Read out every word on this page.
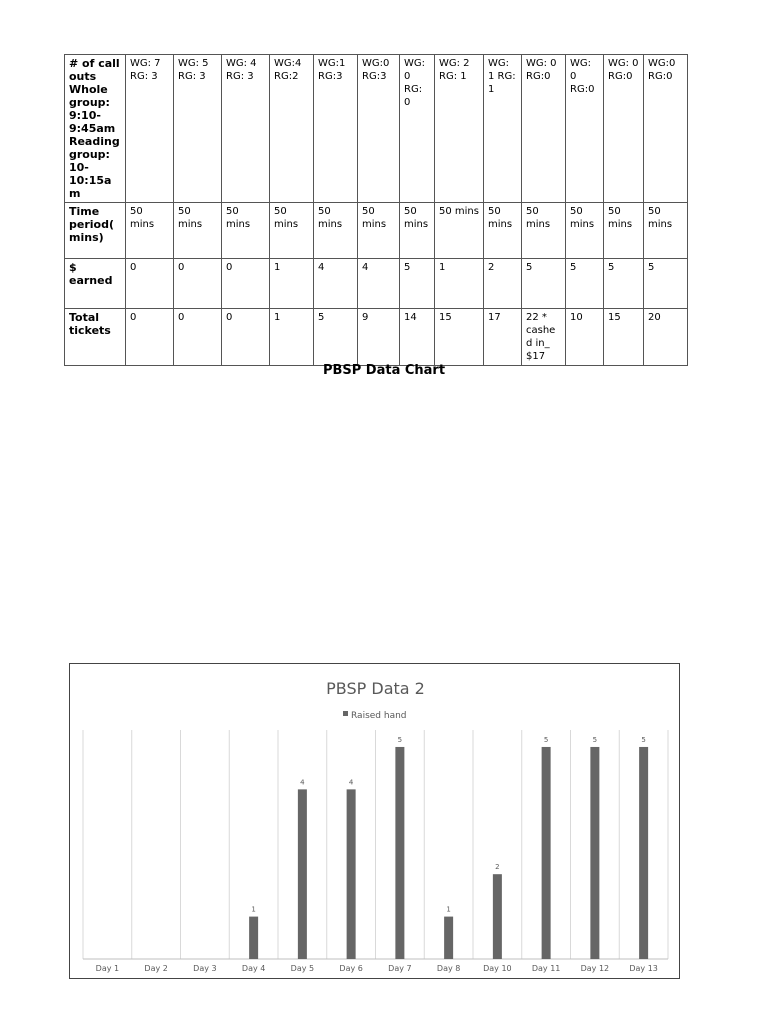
# of call outs Whole group: 9:10-9:45am Reading group: 10-10:15am	WG: 7 RG: 3	WG: 5 RG: 3	WG: 4 RG: 3	WG:4 RG:2	WG:1 RG:3	WG:0 RG:3	WG: 0 RG: 0	WG: 2 RG: 1	WG: 1 RG: 1	WG: 0 RG:0	WG: 0 RG:0	WG: 0 RG:0	WG:0 RG:0
Time period( mins)	50 mins	50 mins	50 mins	50 mins	50 mins	50 mins	50 mins	50 mins	50 mins	50 mins	50 mins	50 mins	50 mins
$ earned	0	0	0	1	4	4	5	1	2	5	5	5	5
Total tickets	0	0	0	1	5	9	14	15	17	22 * cashed in_ $17	10	15	20
PBSP Data Chart
PBSP Data 2
Raised hand
Day 1	Day 2	Day 3
1
Day 4
4
Day 5
4
Day 6
5
Day 7
1
Day 8
2
Day 10
5
Day 11
5
Day 12
5
Day 13
